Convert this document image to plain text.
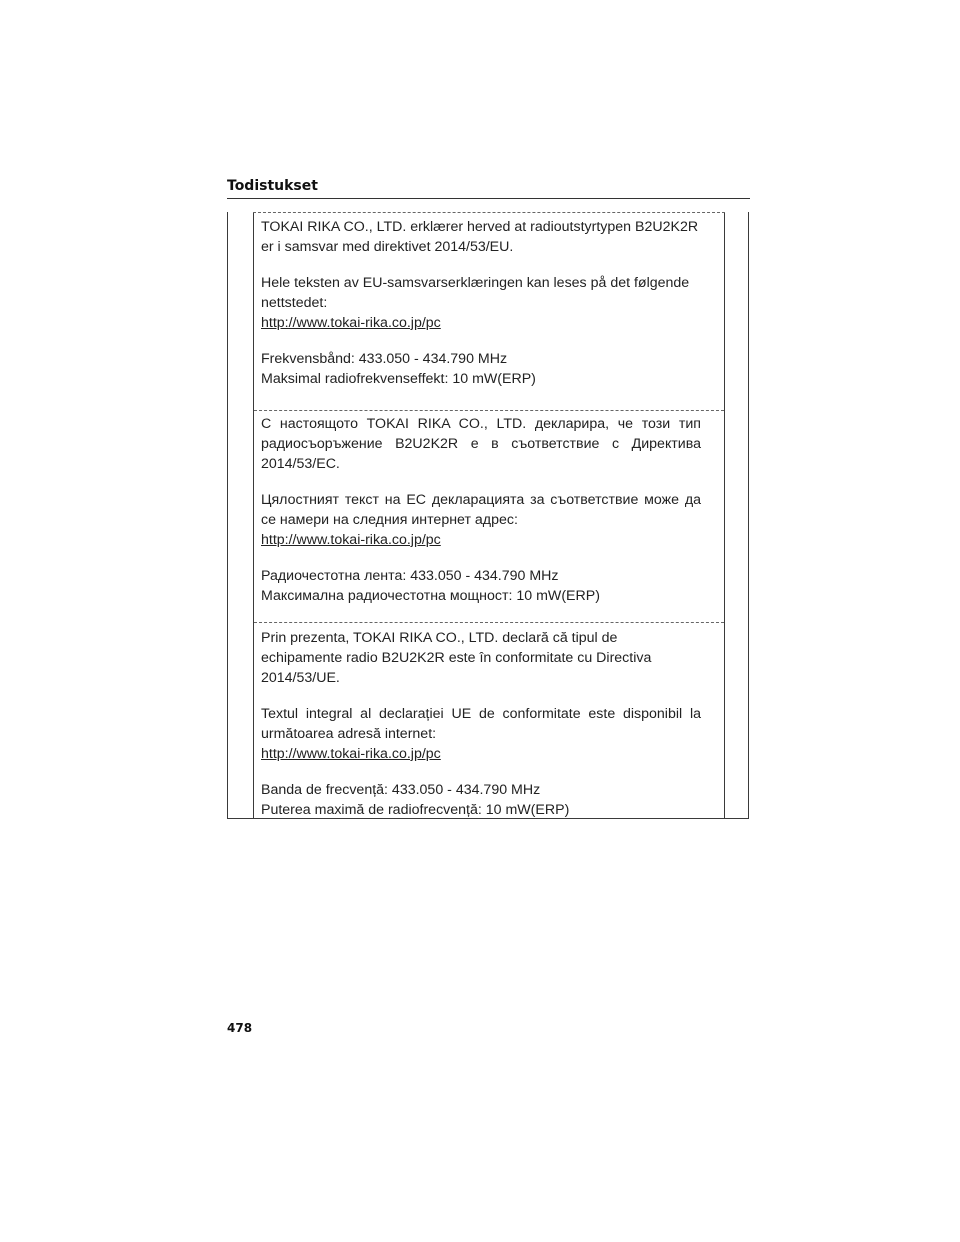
Todistukset

TOKAI RIKA CO., LTD. erklærer herved at radioutstyrtypen B2U2K2R er i samsvar med direktivet 2014/53/EU.

Hele teksten av EU-samsvarserklæringen kan leses på det følgende nettstedet:

http://www.tokai-rika.co.jp/pc

Frekvensbånd: 433.050 - 434.790 MHz

Maksimal radiofrekvenseffekt: 10 mW(ERP)

С настоящото TOKAI RIKA CO., LTD. декларира, че този тип радиосъоръжение B2U2K2R е в съответствие с Директива 2014/53/ЕС.

Цялостният текст на ЕС декларацията за съответствие може да се намери на следния интернет адрес:

http://www.tokai-rika.co.jp/pc

Радиочестотна лента: 433.050 - 434.790 MHz

Максимална радиочестотна мощност: 10 mW(ERP)

Prin prezenta, TOKAI RIKA CO., LTD. declară că tipul de echipamente radio B2U2K2R este în conformitate cu Directiva 2014/53/UE.

Textul integral al declarației UE de conformitate este disponibil la următoarea adresă internet:

http://www.tokai-rika.co.jp/pc

Banda de frecvență: 433.050 - 434.790 MHz

Puterea maximă de radiofrecvență: 10 mW(ERP)

478
